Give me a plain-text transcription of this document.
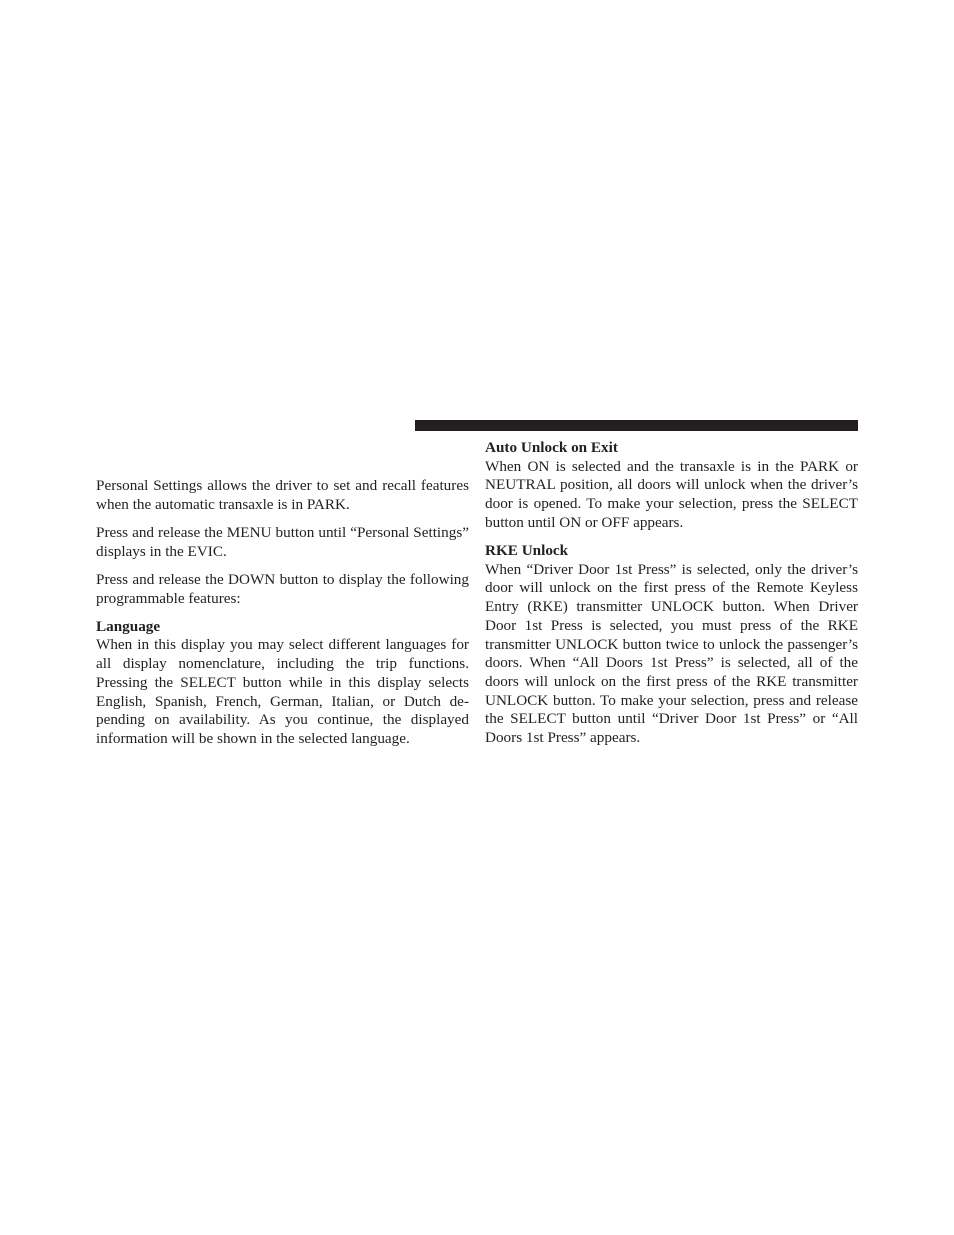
Personal Settings allows the driver to set and recall features when the automatic transaxle is in PARK.

Press and release the MENU button until “Personal Settings” displays in the EVIC.

Press and release the DOWN button to display the following programmable features:

Language

When in this display you may select different languages for all display nomenclature, including the trip functions. Pressing the SELECT button while in this display selects English, Spanish, French, German, Italian, or Dutch depending on availability. As you continue, the displayed information will be shown in the selected language.

Auto Unlock on Exit

When ON is selected and the transaxle is in the PARK or NEUTRAL position, all doors will unlock when the driver’s door is opened. To make your selection, press the SELECT button until ON or OFF appears.

RKE Unlock

When “Driver Door 1st Press” is selected, only the driver’s door will unlock on the first press of the Remote Keyless Entry (RKE) transmitter UNLOCK button. When Driver Door 1st Press is selected, you must press of the RKE transmitter UNLOCK button twice to unlock the passenger’s doors. When “All Doors 1st Press” is selected, all of the doors will unlock on the first press of the RKE transmitter UNLOCK button. To make your selection, press and release the SELECT button until “Driver Door 1st Press” or “All Doors 1st Press” appears.
